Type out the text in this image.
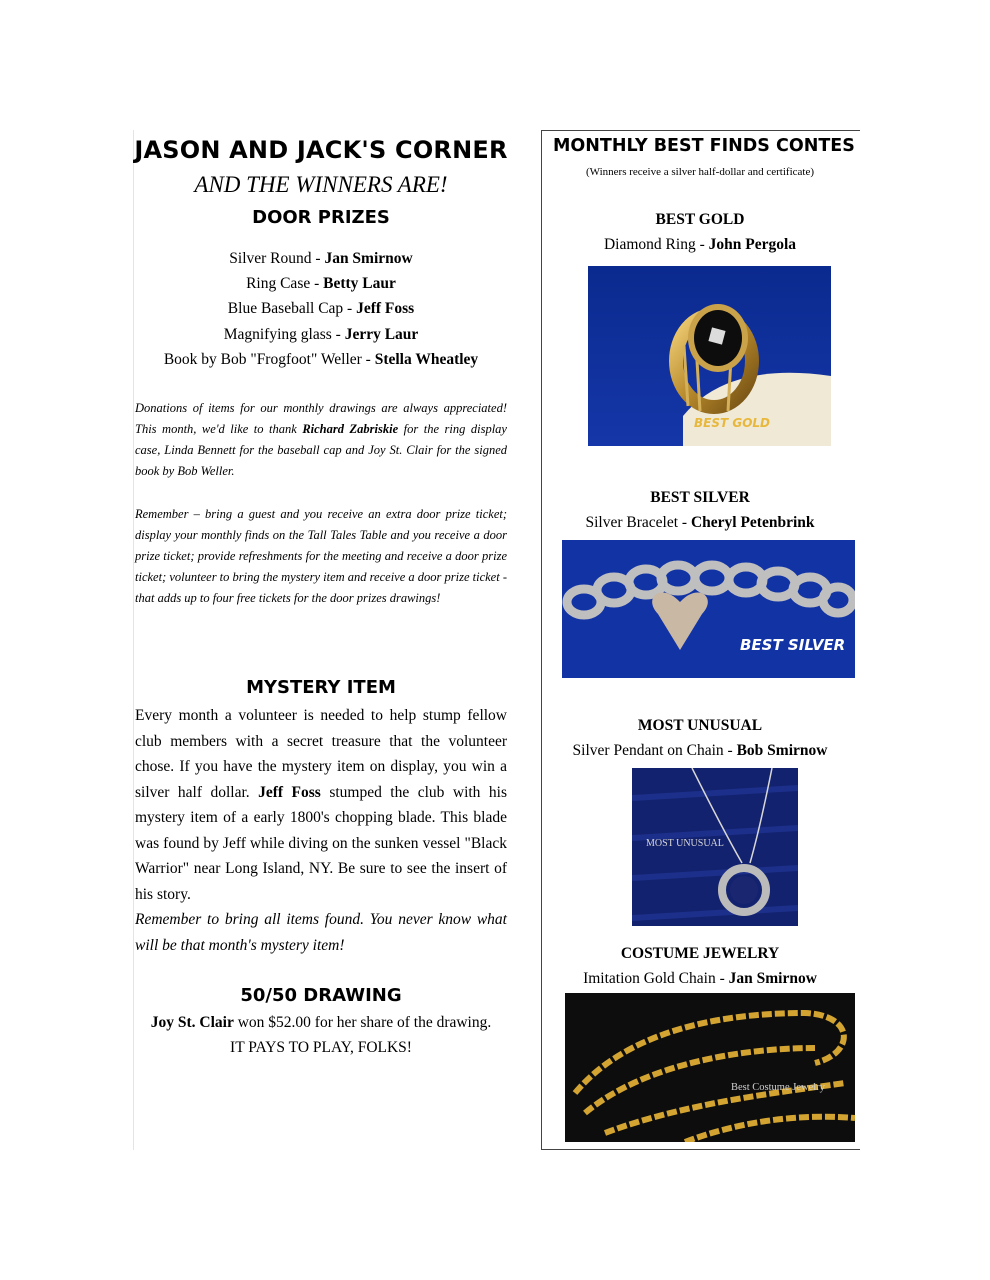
JASON AND JACK'S CORNER
AND THE WINNERS ARE!
DOOR PRIZES
Silver Round - Jan Smirnow
Ring Case - Betty Laur
Blue Baseball Cap - Jeff Foss
Magnifying glass - Jerry Laur
Book by Bob "Frogfoot" Weller - Stella Wheatley
Donations of items for our monthly drawings are always appreciated! This month, we'd like to thank Richard Zabriskie for the ring display case, Linda Bennett for the baseball cap and Joy St. Clair for the signed book by Bob Weller.
Remember – bring a guest and you receive an extra door prize ticket; display your monthly finds on the Tall Tales Table and you receive a door prize ticket; provide refreshments for the meeting and receive a door prize ticket; volunteer to bring the mystery item and receive a door prize ticket - that adds up to four free tickets for the door prizes drawings!
MYSTERY ITEM
Every month a volunteer is needed to help stump fellow club members with a secret treasure that the volunteer chose. If you have the mystery item on display, you win a silver half dollar. Jeff Foss stumped the club with his mystery item of a early 1800's chopping blade. This blade was found by Jeff while diving on the sunken vessel "Black Warrior" near Long Island, NY. Be sure to see the insert of his story.
Remember to bring all items found. You never know what will be that month's mystery item!
50/50 DRAWING
Joy St. Clair won $52.00 for her share of the drawing.
IT PAYS TO PLAY, FOLKS!
MONTHLY BEST FINDS CONTES
(Winners receive a silver half-dollar and certificate)
BEST GOLD
Diamond Ring - John Pergola
BEST GOLD
BEST SILVER
Silver Bracelet - Cheryl Petenbrink
BEST SILVER
MOST UNUSUAL
Silver Pendant on Chain - Bob Smirnow
MOST UNUSUAL
COSTUME JEWELRY
Imitation Gold Chain - Jan Smirnow
Best Costume Jewelry
